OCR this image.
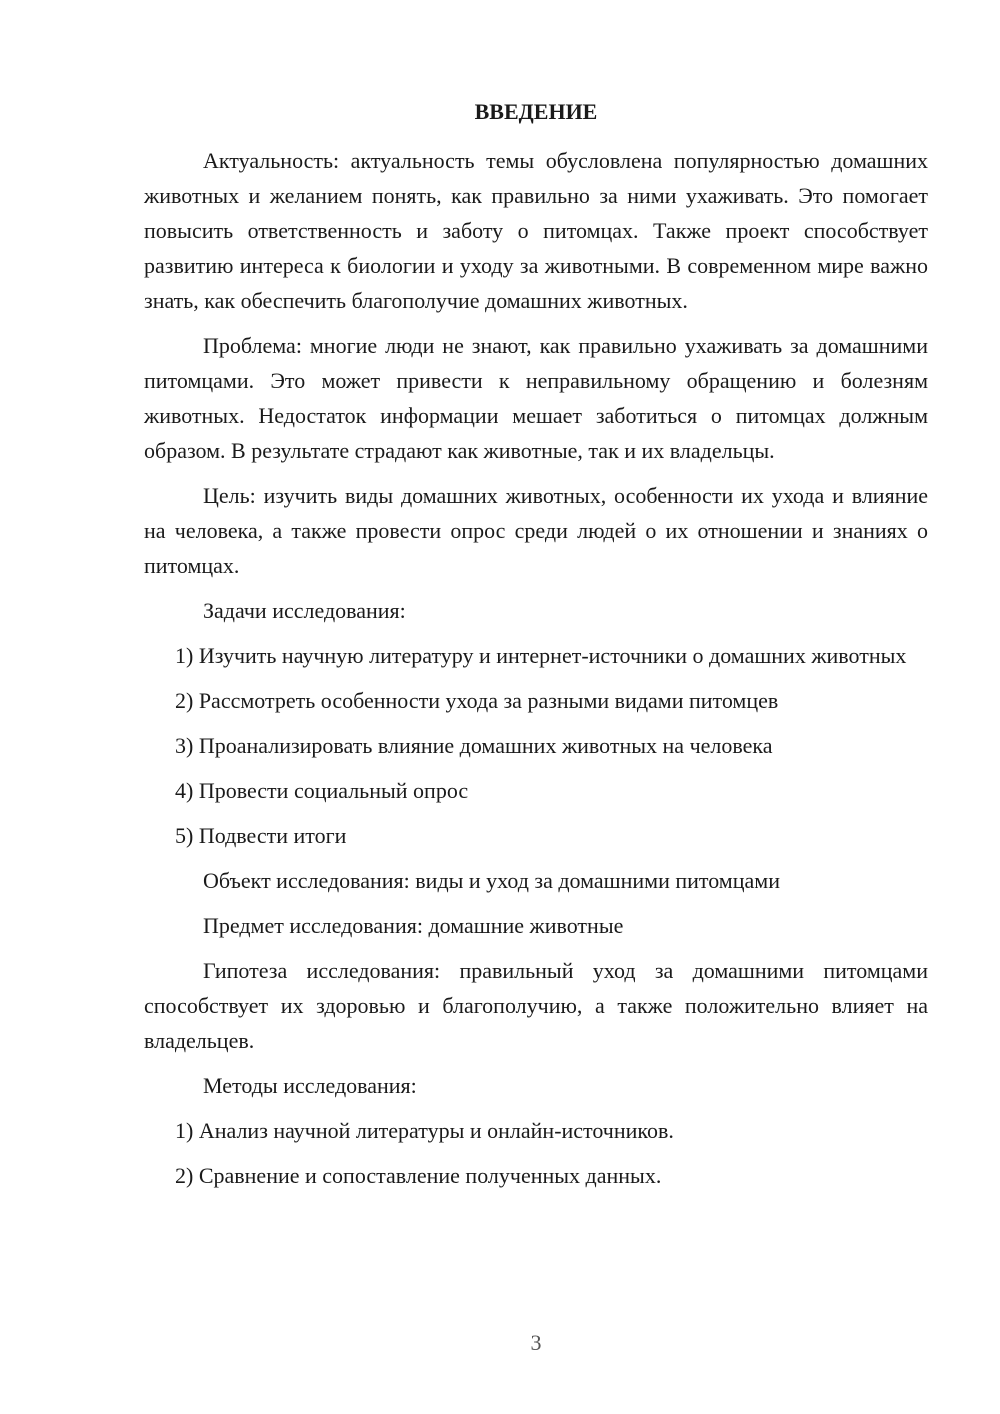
ВВЕДЕНИЕ

Актуальность: актуальность темы обусловлена популярностью домашних животных и желанием понять, как правильно за ними ухаживать. Это помогает повысить ответственность и заботу о питомцах. Также проект способствует развитию интереса к биологии и уходу за животными. В современном мире важно знать, как обеспечить благополучие домашних животных.

Проблема: многие люди не знают, как правильно ухаживать за домашними питомцами. Это может привести к неправильному обращению и болезням животных. Недостаток информации мешает заботиться о питомцах должным образом. В результате страдают как животные, так и их владельцы.

Цель: изучить виды домашних животных, особенности их ухода и влияние на человека, а также провести опрос среди людей о их отношении и знаниях о питомцах.

Задачи исследования:

1) Изучить научную литературу и интернет-источники о домашних животных

2) Рассмотреть особенности ухода за разными видами питомцев

3) Проанализировать влияние домашних животных на человека

4) Провести социальный опрос

5) Подвести итоги

Объект исследования: виды и уход за домашними питомцами

Предмет исследования: домашние животные

Гипотеза исследования: правильный уход за домашними питомцами способствует их здоровью и благополучию, а также положительно влияет на владельцев.

Методы исследования:

1) Анализ научной литературы и онлайн-источников.

2) Сравнение и сопоставление полученных данных.

3
